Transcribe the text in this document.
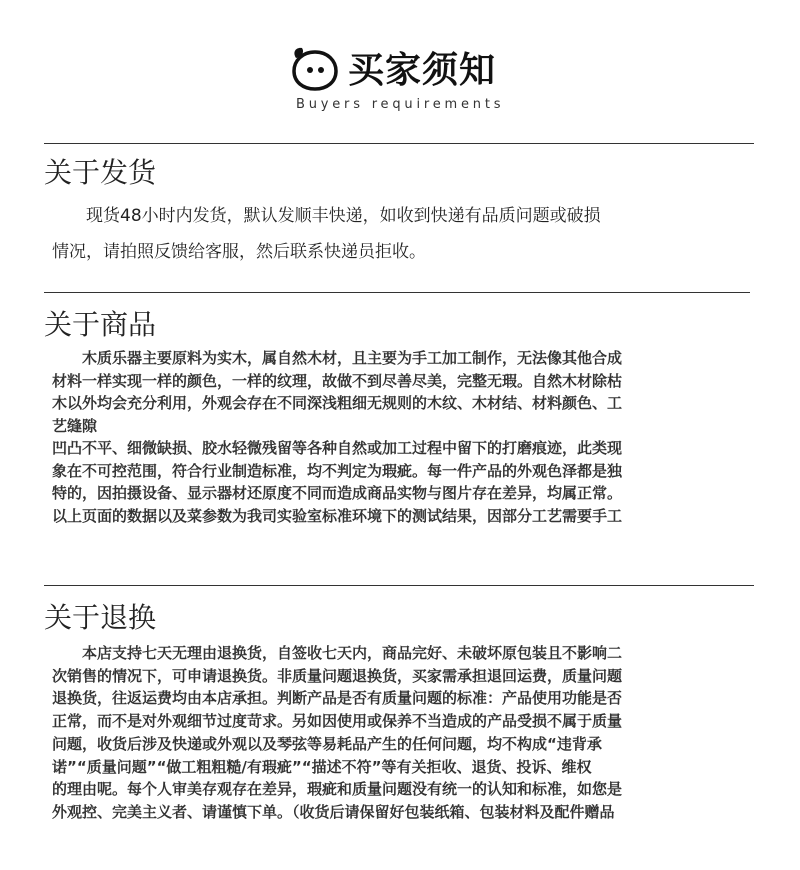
买家须知
Buyers requirements
关于发货
　　现货48小时内发货，默认发顺丰快递，如收到快递有品质问题或破损
情况，请拍照反馈给客服，然后联系快递员拒收。
关于商品
　　木质乐器主要原料为实木，属自然木材，且主要为手工加工制作，无法像其他合成
材料一样实现一样的颜色，一样的纹理，故做不到尽善尽美，完整无瑕。自然木材除枯
木以外均会充分利用，外观会存在不同深浅粗细无规则的木纹、木材结、材料颜色、工
艺缝隙
凹凸不平、细微缺损、胶水轻微残留等各种自然或加工过程中留下的打磨痕迹，此类现
象在不可控范围，符合行业制造标准，均不判定为瑕疵。每一件产品的外观色泽都是独
特的，因拍摄设备、显示器材还原度不同而造成商品实物与图片存在差异，均属正常。
以上页面的数据以及菜参数为我司实验室标准环境下的测试结果，因部分工艺需要手工
关于退换
　　本店支持七天无理由退换货，自签收七天内，商品完好、未破坏原包装且不影响二
次销售的情况下，可申请退换货。非质量问题退换货，买家需承担退回运费，质量问题
退换货，往返运费均由本店承担。判断产品是否有质量问题的标准：产品使用功能是否
正常，而不是对外观细节过度苛求。另如因使用或保养不当造成的产品受损不属于质量
问题，收货后涉及快递或外观以及琴弦等易耗品产生的任何问题，均不构成“违背承
诺”“质量问题”“做工粗粗糙/有瑕疵”“描述不符”等有关拒收、退货、投诉、维权
的理由呢。每个人审美存观存在差异，瑕疵和质量问题没有统一的认知和标准，如您是
外观控、完美主义者、请谨慎下单。（收货后请保留好包装纸箱、包装材料及配件赠品
